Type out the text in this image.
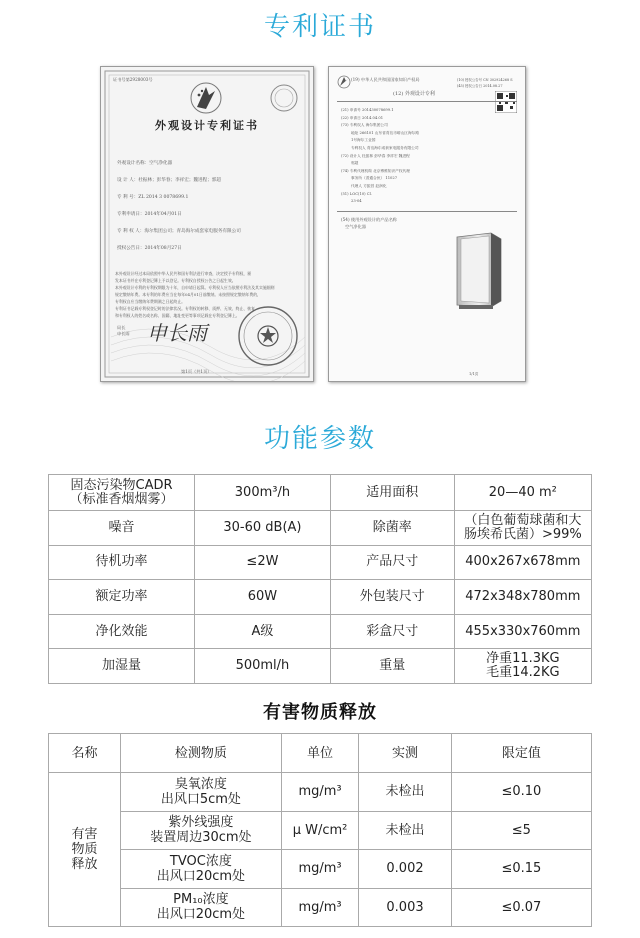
专利证书
证书号第2928003号
外观设计专利证书
外观设计名称：空气净化器
设 计 人：杜振林；彭华春；李祥宏；魏进程；郭超
专 利 号：ZL 2014 3 0078699.1
专利申请日：2014年04月01日
专 利 权 人：海尔集团公司；青岛海尔成套家电服务有限公司
授权公告日：2014年08月27日
本外观设计经过本局依照中华人民共和国专利法进行审查，决定授予专利权，颁
发本证书并在专利登记簿上予以登记。专利权自授权公告之日起生效。
本外观设计专利的专利权期限为十年，自申请日起算。专利权人应当依照专利法及其实施细则
规定缴纳年费。本专利的年费应当在每年04月01日前缴纳。未按照规定缴纳年费的，
专利权自应当缴纳年费期满之日起终止。
专利证书记载专利权登记时的法律状况。专利权的转移、质押、无效、终止、恢复
和专利权人的姓名或名称、国籍、地址变更等事项记载在专利登记簿上。
局长
申长雨 申长雨
第1页（共1页）
(19) 中华人民共和国国家知识产权局
(12) 外观设计专利
(10) 授权公告号 CN 302924268 S
(45) 授权公告日 2014.08.27
(21) 申请号 201430078699.1
(22) 申请日 2014.04.01
(73) 专利权人 海尔集团公司
地址 266101 山东省青岛市崂山区海尔路
1号海尔工业园
专利权人 青岛海尔成套家电服务有限公司
(72) 设计人 杜振林 彭华春 李祥宏 魏进程
郭超
(74) 专利代理机构 北京博维知识产权代理
事务所（普通合伙） 11027
代理人 方振昌 赵润化
(51) LOC(10) Cl.
23-04
(54) 使用外观设计的产品名称
空气净化器
1/1页
功能参数
固态污染物CADR
（标准香烟烟雾）	300m³/h	适用面积	20—40 m²
噪音	30-60 dB(A)	除菌率	（白色葡萄球菌和大
肠埃希氏菌）>99%
待机功率	≤2W	产品尺寸	400x267x678mm
额定功率	60W	外包装尺寸	472x348x780mm
净化效能	A级	彩盒尺寸	455x330x760mm
加湿量	500ml/h	重量	净重11.3KG
毛重14.2KG
有害物质释放
名称	检测物质	单位	实测	限定值
有害
物质
释放	臭氧浓度
出风口5cm处	mg/m³	未检出	≤0.10
	紫外线强度
装置周边30cm处	μ W/cm²	未检出	≤5
	TVOC浓度
出风口20cm处	mg/m³	0.002	≤0.15
	PM₁₀浓度
出风口20cm处	mg/m³	0.003	≤0.07
